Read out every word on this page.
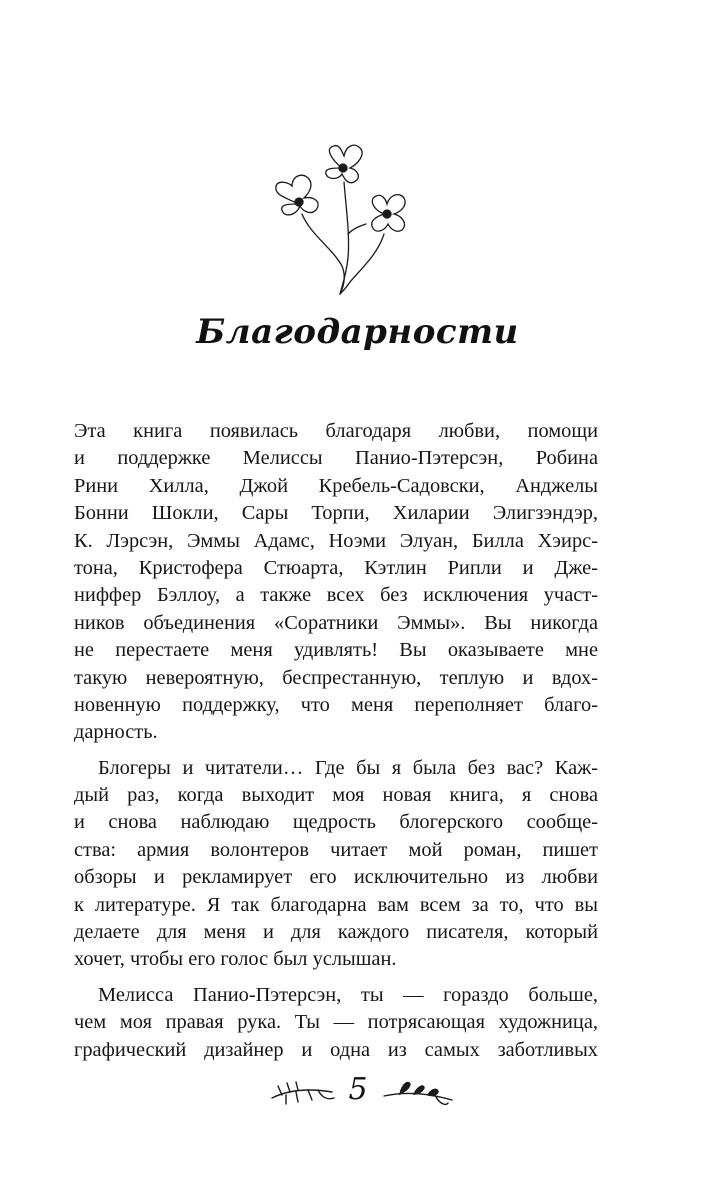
Благодарности
Эта книга появилась благодаря любви, помощи
и поддержке Мелиссы Панио-Пэтерсэн, Робина
Рини Хилла, Джой Кребель-Садовски, Анджелы
Бонни Шокли, Сары Торпи, Хиларии Элигзэндэр,
К. Лэрсэн, Эммы Адамс, Ноэми Элуан, Билла Хэирс-
тона, Кристофера Стюарта, Кэтлин Рипли и Дже-
ниффер Бэллоу, а также всех без исключения участ-
ников объединения «Соратники Эммы». Вы никогда
не перестаете меня удивлять! Вы оказываете мне
такую невероятную, беспрестанную, теплую и вдох-
новенную поддержку, что меня переполняет благо-
дарность.
Блогеры и читатели… Где бы я была без вас? Каж-
дый раз, когда выходит моя новая книга, я снова
и снова наблюдаю щедрость блогерского сообще-
ства: армия волонтеров читает мой роман, пишет
обзоры и рекламирует его исключительно из любви
к литературе. Я так благодарна вам всем за то, что вы
делаете для меня и для каждого писателя, который
хочет, чтобы его голос был услышан.
Мелисса Панио-Пэтерсэн, ты — гораздо больше,
чем моя правая рука. Ты — потрясающая художница,
графический дизайнер и одна из самых заботливых
5
